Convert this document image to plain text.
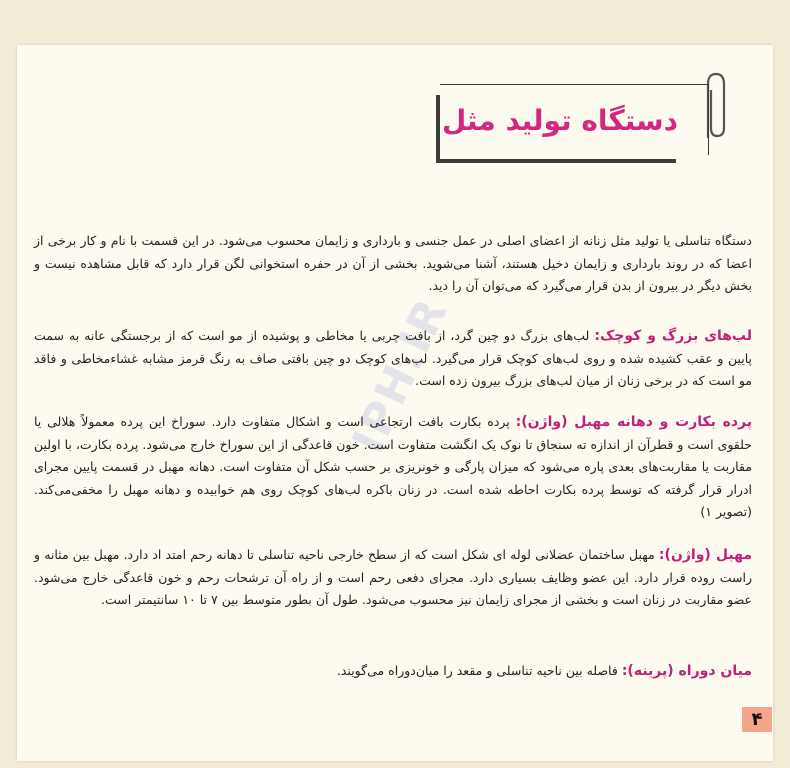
دستگاه تولید مثل
IPH.IR
دستگاه تناسلی یا تولید مثل زنانه از اعضای اصلی در عمل جنسی و بارداری و زایمان محسوب می‌شود. در این قسمت با نام و کار برخی از اعضا که در روند بارداری و زایمان دخیل هستند، آشنا می‌شوید. بخشی از آن در حفره استخوانی لگن قرار دارد که قابل مشاهده نیست و بخش دیگر در بیرون از بدن قرار می‌گیرد که می‌توان آن را دید.
لب‌های بزرگ و کوچک: لب‌های بزرگ دو چین گرد، از بافت چربی یا مخاطی و پوشیده از مو است که از برجستگی عانه به سمت پایین و عقب کشیده شده و روی لب‌های کوچک قرار می‌گیرد. لب‌های کوچک دو چین بافتی صاف به رنگ قرمز مشابه غشاءمخاطی و فاقد مو است که در برخی زنان از میان لب‌های بزرگ بیرون زده است.
پرده بکارت و دهانه مهبل (واژن): پرده بکارت بافت ارتجاعی است و اشکال متفاوت دارد. سوراخ این پرده معمولاً هلالی یا حلقوی است و قطرآن از اندازه ته سنجاق تا نوک یک انگشت متفاوت است. خون قاعدگی از این سوراخ خارج می‌شود. پرده بکارت، با اولین مقاربت یا مقاربت‌های بعدی پاره می‌شود که میزان پارگی و خونریزی بر حسب شکل آن متفاوت است. دهانه مهبل در قسمت پایین مجرای ادرار قرار گرفته که توسط پرده بکارت احاطه شده است. در زنان باکره لب‌های کوچک روی هم خوابیده و دهانه مهبل را مخفی‌می‌کند.(تصویر ۱)
مهبل (واژن): مهبل ساختمان عضلانی لوله ای شکل است که از سطح خارجی ناحیه تناسلی تا دهانه رحم امتد اد دارد. مهبل بین مثانه و راست روده قرار دارد. این عضو وظایف بسیاری دارد. مجرای دفعی رحم است و از راه آن ترشحات رحم و خون قاعدگی خارج می‌شود. عضو مقاربت در زنان است و بخشی از مجرای زایمان نیز محسوب می‌شود. طول آن بطور متوسط بین ۷ تا ۱۰ سانتیمتر است.
میان دوراه (پرینه): فاصله بین ناحیه تناسلی و مقعد را میان‌دوراه می‌گویند.
۴
